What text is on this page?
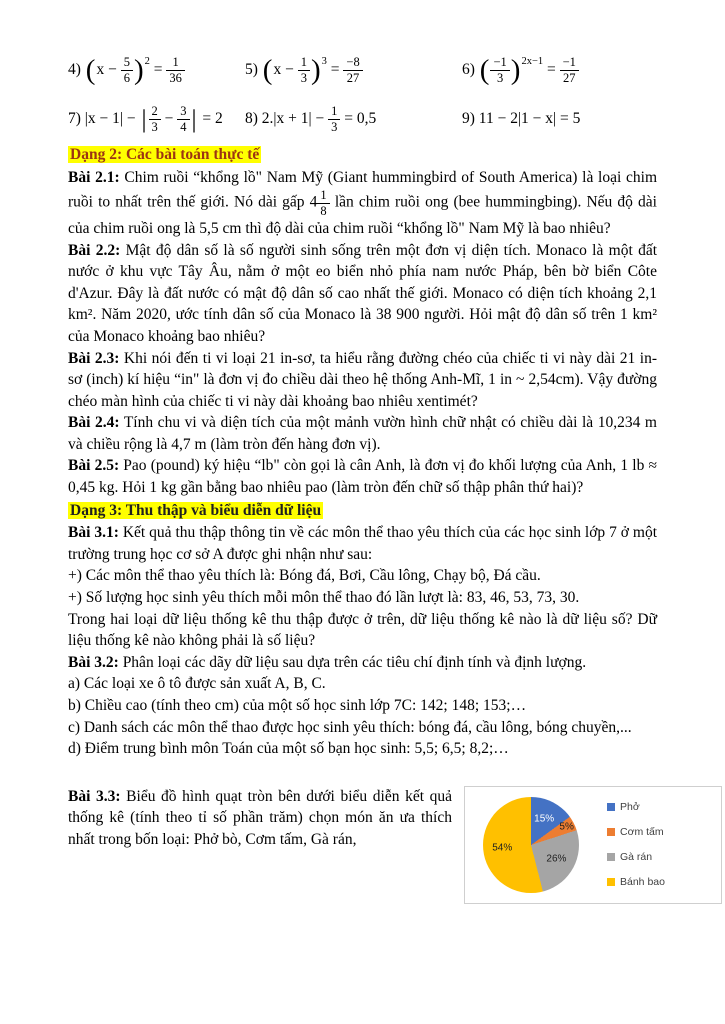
4) ( $x - \frac{5}{6}$ ) $2 = \frac{1}{36}$	5) ( $x - \frac{1}{3}$ ) $3 = \frac{-8}{27}$	6) ( $\frac{-1}{3}$ ) $2x-1 = \frac{-1}{27}$
7) |x − 1| − | $\frac{2}{3} - \frac{3}{4}$ | = 2 8) $2.|x + 1| - \frac{1}{3} = 0,5$	9) 11 − 2|1 − x| = 5

Dạng 2: Các bài toán thực tế

Bài 2.1: Chim ruồi “khổng lồ" Nam Mỹ (Giant hummingbird of South America) là loại chim ruồi to nhất trên thế giới. Nó dài gấp $4 \frac{1}{8}$ lần chim ruồi ong (bee hummingbing). Nếu độ dài của chim ruồi ong là 5,5 cm thì độ dài của chim ruồi “khổng lồ" Nam Mỹ là bao nhiêu?

Bài 2.2: Mật độ dân số là số người sinh sống trên một đơn vị diện tích. Monaco là một đất nước ở khu vực Tây Âu, nằm ở một eo biển nhỏ phía nam nước Pháp, bên bờ biển Côte d'Azur. Đây là đất nước có mật độ dân số cao nhất thế giới. Monaco có diện tích khoảng 2,1 km². Năm 2020, ước tính dân số của Monaco là 38 900 người. Hỏi mật độ dân số trên 1 km² của Monaco khoảng bao nhiêu?

Bài 2.3: Khi nói đến ti vi loại 21 in-sơ, ta hiểu rằng đường chéo của chiếc ti vi này dài 21 in-sơ (inch) kí hiệu “in" là đơn vị đo chiều dài theo hệ thống Anh-Mĩ, 1 in ~ 2,54cm). Vậy đường chéo màn hình của chiếc ti vi này dài khoảng bao nhiêu xentimét?

Bài 2.4: Tính chu vi và diện tích của một mảnh vườn hình chữ nhật có chiều dài là 10,234 m và chiều rộng là 4,7 m (làm tròn đến hàng đơn vị).

Bài 2.5: Pao (pound) ký hiệu “lb" còn gọi là cân Anh, là đơn vị đo khối lượng của Anh, 1 lb ≈ 0,45 kg. Hỏi 1 kg gần bằng bao nhiêu pao (làm tròn đến chữ số thập phân thứ hai)?

Dạng 3: Thu thập và biểu diễn dữ liệu

Bài 3.1: Kết quả thu thập thông tin về các môn thể thao yêu thích của các học sinh lớp 7 ở một trường trung học cơ sở A được ghi nhận như sau:

+) Các môn thể thao yêu thích là: Bóng đá, Bơi, Cầu lông, Chạy bộ, Đá cầu.

+) Số lượng học sinh yêu thích mỗi môn thể thao đó lần lượt là: 83, 46, 53, 73, 30.

Trong hai loại dữ liệu thống kê thu thập được ở trên, dữ liệu thống kê nào là dữ liệu số? Dữ liệu thống kê nào không phải là số liệu?

Bài 3.2: Phân loại các dãy dữ liệu sau dựa trên các tiêu chí định tính và định lượng.

a) Các loại xe ô tô được sản xuất A, B, C.

b) Chiều cao (tính theo cm) của một số học sinh lớp 7C: 142; 148; 153;…

c) Danh sách các môn thể thao được học sinh yêu thích: bóng đá, cầu lông, bóng chuyền,...

d) Điểm trung bình môn Toán của một số bạn học sinh: 5,5; 6,5; 8,2;…

15%
5%
26%
54%
Phở
Cơm tấm
Gà rán
Bánh bao

Bài 3.3: Biểu đồ hình quạt tròn bên dưới biểu diễn kết quả thống kê (tính theo tỉ số phần trăm) chọn món ăn ưa thích nhất trong bốn loại: Phở bò, Cơm tấm, Gà rán,
